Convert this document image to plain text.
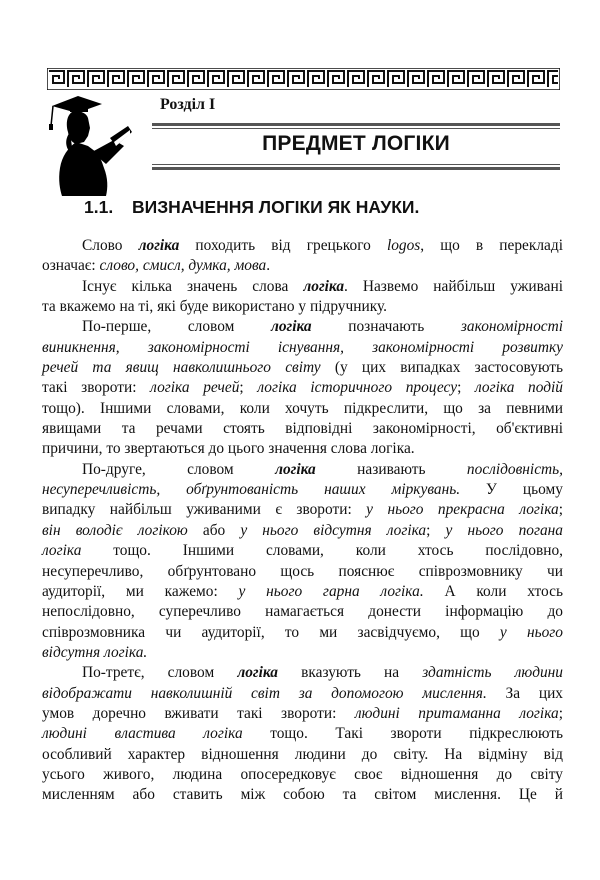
Розділ І
ПРЕДМЕТ ЛОГІКИ
1.1. ВИЗНАЧЕННЯ ЛОГІКИ ЯК НАУКИ.
Слово логіка походить від грецького logos, що в перекладі
означає: слово, смисл, думка, мова.
Існує кілька значень слова логіка. Назвемо найбільш уживані
та вкажемо на ті, які буде використано у підручнику.
По-перше, словом логіка позначають закономірності
виникнення, закономірності існування, закономірності розвитку
речей та явищ навколишнього світу (у цих випадках застосовують
такі звороти: логіка речей; логіка історичного процесу; логіка подій
тощо). Іншими словами, коли хочуть підкреслити, що за певними
явищами та речами стоять відповідні закономірності, об'єктивні
причини, то звертаються до цього значення слова логіка.
По-друге, словом логіка називають послідовність,
несуперечливість, обґрунтованість наших міркувань. У цьому
випадку найбільш уживаними є звороти: у нього прекрасна логіка;
він володіє логікою або у нього відсутня логіка; у нього погана
логіка тощо. Іншими словами, коли хтось послідовно,
несуперечливо, обґрунтовано щось пояснює співрозмовнику чи
аудиторії, ми кажемо: у нього гарна логіка. А коли хтось
непослідовно, суперечливо намагається донести інформацію до
співрозмовника чи аудиторії, то ми засвідчуємо, що у нього
відсутня логіка.
По-третє, словом логіка вказують на здатність людини
відображати навколишній світ за допомогою мислення. За цих
умов доречно вживати такі звороти: людині притаманна логіка;
людині властива логіка тощо. Такі звороти підкреслюють
особливий характер відношення людини до світу. На відміну від
усього живого, людина опосередковує своє відношення до світу
мисленням або ставить між собою та світом мислення. Це й
